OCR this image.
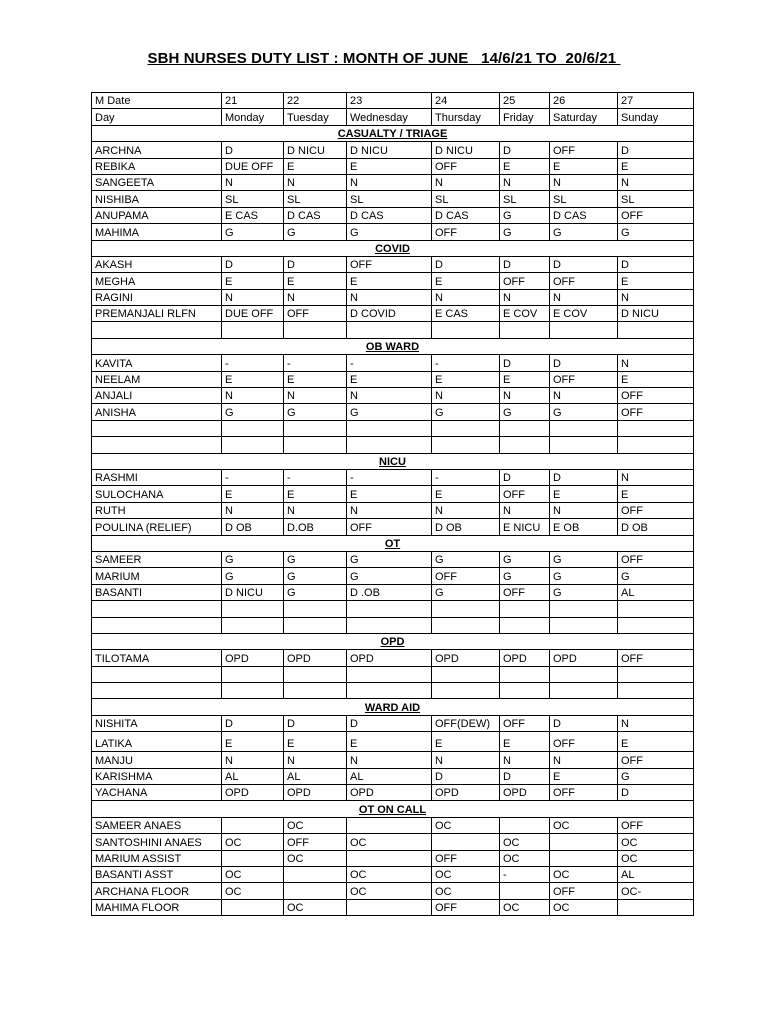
SBH NURSES DUTY LIST : MONTH OF JUNE   14/6/21 TO  20/6/21
M Date	21	22	23	24	25	26	27
Day	Monday	Tuesday	Wednesday	Thursday	Friday	Saturday	Sunday
CASUALTY / TRIAGE							
ARCHNA	D	D NICU	D NICU	D NICU	D	OFF	D
REBIKA	DUE OFF	E	E	OFF	E	E	E
SANGEETA	N	N	N	N	N	N	N
NISHIBA	SL	SL	SL	SL	SL	SL	SL
ANUPAMA	E CAS	D CAS	D CAS	D CAS	G	D CAS	OFF
MAHIMA	G	G	G	OFF	G	G	G
COVID							
AKASH	D	D	OFF	D	D	D	D
MEGHA	E	E	E	E	OFF	OFF	E
RAGINI	N	N	N	N	N	N	N
PREMANJALI RLFN	DUE OFF	OFF	D COVID	E CAS	E COV	E COV	D NICU

OB WARD							
KAVITA	-	-	-	-	D	D	N
NEELAM	E	E	E	E	E	OFF	E
ANJALI	N	N	N	N	N	N	OFF
ANISHA	G	G	G	G	G	G	OFF

NICU							
RASHMI	-	-	-	-	D	D	N
SULOCHANA	E	E	E	E	OFF	E	E
RUTH	N	N	N	N	N	N	OFF
POULINA (RELIEF)	D OB	D.OB	OFF	D OB	E NICU	E OB	D OB
OT							
SAMEER	G	G	G	G	G	G	OFF
MARIUM	G	G	G	OFF	G	G	G
BASANTI	D NICU	G	D .OB	G	OFF	G	AL

OPD							
TILOTAMA	OPD	OPD	OPD	OPD	OPD	OPD	OFF

WARD AID							
NISHITA	D	D	D	OFF(DEW)	OFF	D	N
LATIKA	E	E	E	E	E	OFF	E
MANJU	N	N	N	N	N	N	OFF
KARISHMA	AL	AL	AL	D	D	E	G
YACHANA	OPD	OPD	OPD	OPD	OPD	OFF	D
OT ON CALL							
SAMEER ANAES		OC		OC		OC	OFF
SANTOSHINI ANAES	OC	OFF	OC		OC		OC
MARIUM ASSIST		OC		OFF	OC		OC
BASANTI ASST	OC		OC	OC	-	OC	AL
ARCHANA FLOOR	OC		OC	OC		OFF	OC-
MAHIMA FLOOR		OC		OFF	OC	OC	
